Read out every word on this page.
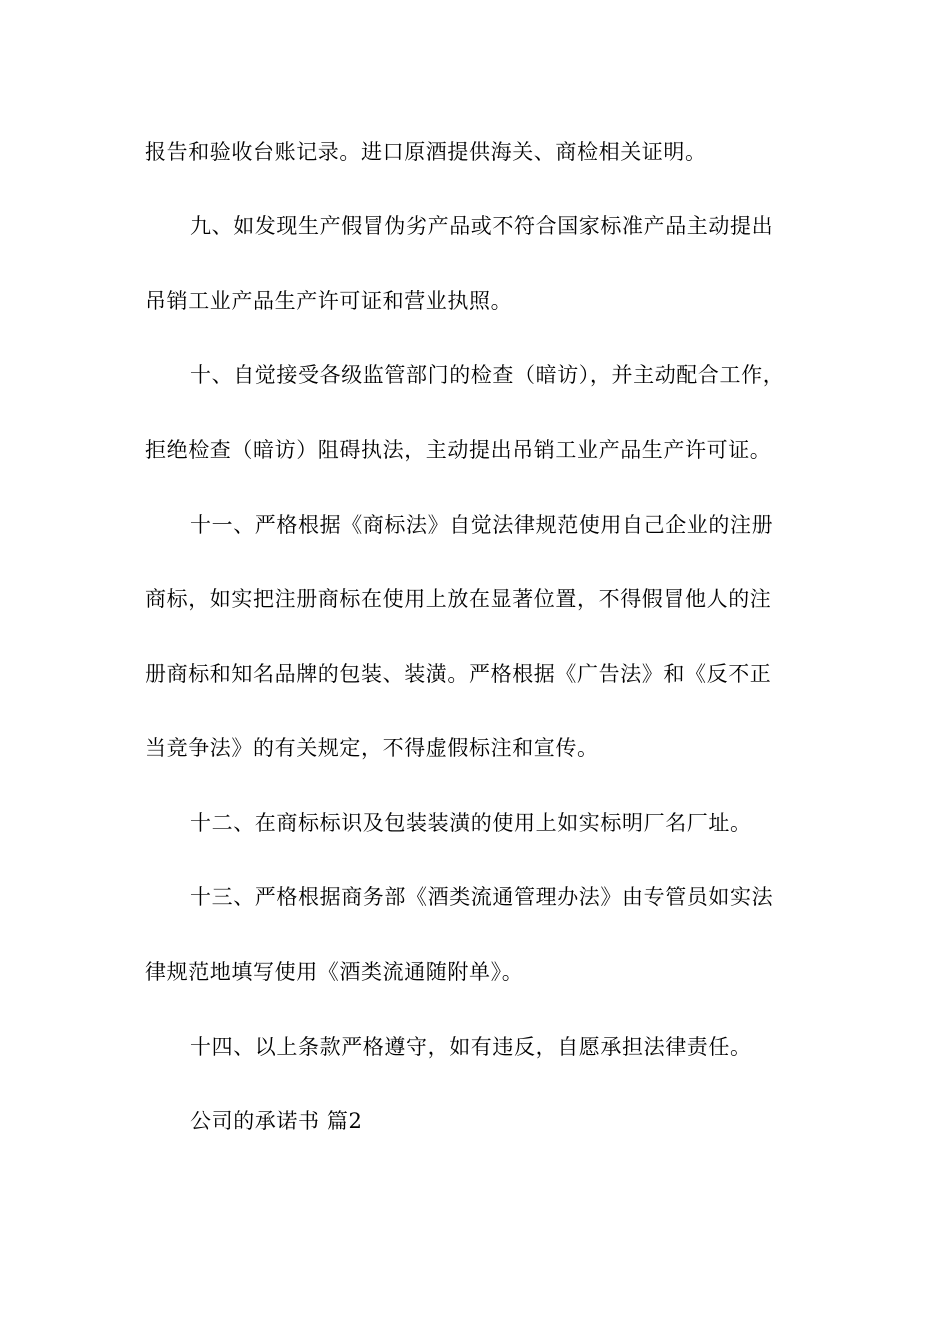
报告和验收台账记录。进口原酒提供海关、商检相关证明。
九、如发现生产假冒伪劣产品或不符合国家标准产品主动提出
吊销工业产品生产许可证和营业执照。
十、自觉接受各级监管部门的检查（暗访），并主动配合工作，
拒绝检查（暗访）阻碍执法，主动提出吊销工业产品生产许可证。
十一、严格根据《商标法》自觉法律规范使用自己企业的注册
商标，如实把注册商标在使用上放在显著位置，不得假冒他人的注
册商标和知名品牌的包装、装潢。严格根据《广告法》和《反不正
当竞争法》的有关规定，不得虚假标注和宣传。
十二、在商标标识及包装装潢的使用上如实标明厂名厂址。
十三、严格根据商务部《酒类流通管理办法》由专管员如实法
律规范地填写使用《酒类流通随附单》。
十四、以上条款严格遵守，如有违反，自愿承担法律责任。
公司的承诺书 篇2
